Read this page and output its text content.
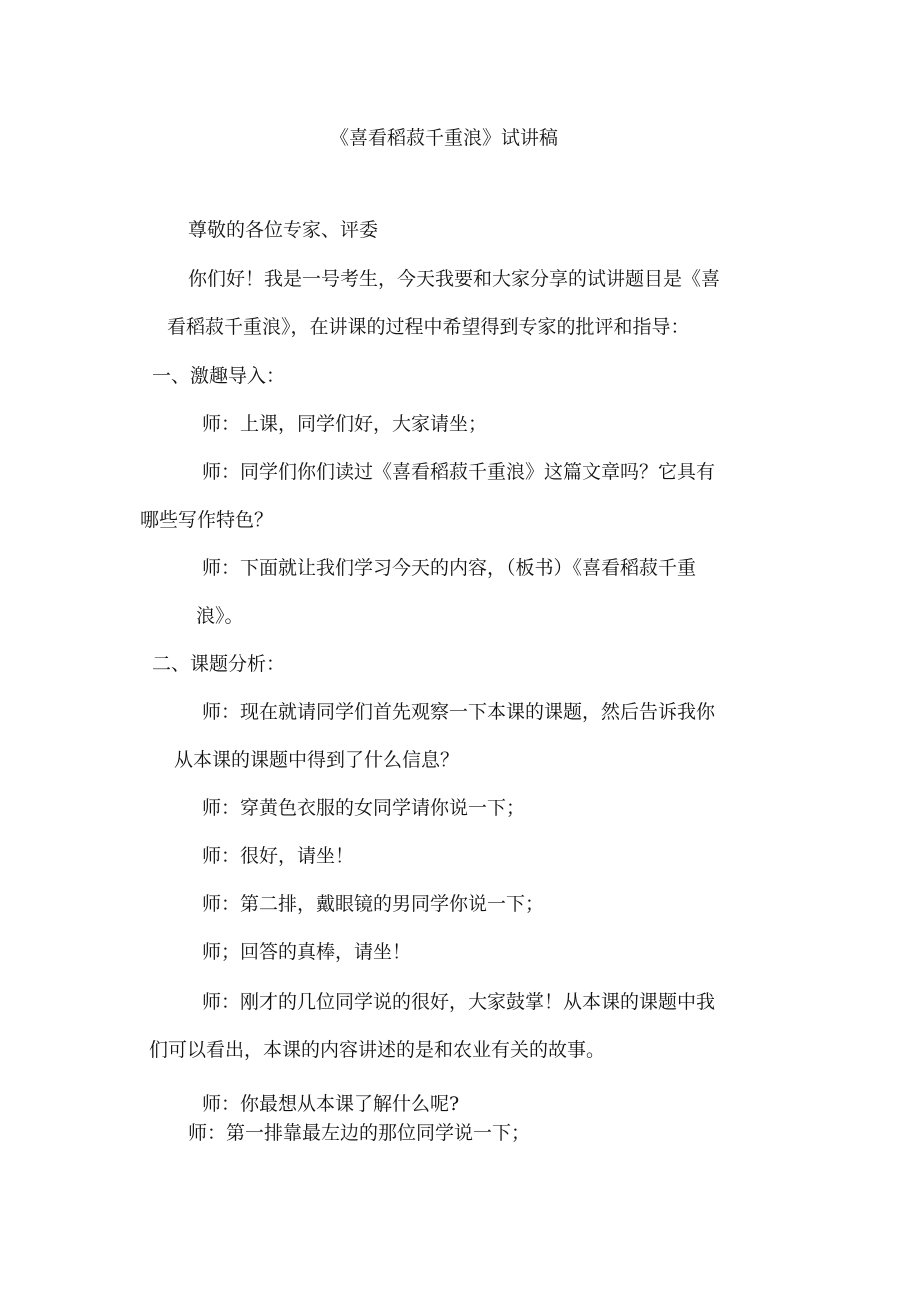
《喜看稻菽千重浪》试讲稿

尊敬的各位专家、评委

你们好！我是一号考生，今天我要和大家分享的试讲题目是《喜

看稻菽千重浪》，在讲课的过程中希望得到专家的批评和指导：

一、激趣导入：

师：上课，同学们好，大家请坐；

师：同学们你们读过《喜看稻菽千重浪》这篇文章吗？它具有

哪些写作特色？

师：下面就让我们学习今天的内容，（板书）《喜看稻菽千重

浪》。

二、课题分析：

师：现在就请同学们首先观察一下本课的课题，然后告诉我你

从本课的课题中得到了什么信息？

师：穿黄色衣服的女同学请你说一下；

师：很好，请坐！

师：第二排，戴眼镜的男同学你说一下；

师；回答的真棒，请坐！

师：刚才的几位同学说的很好，大家鼓掌！从本课的课题中我

们可以看出，本课的内容讲述的是和农业有关的故事。

师：你最想从本课了解什么呢?

师：第一排靠最左边的那位同学说一下；
